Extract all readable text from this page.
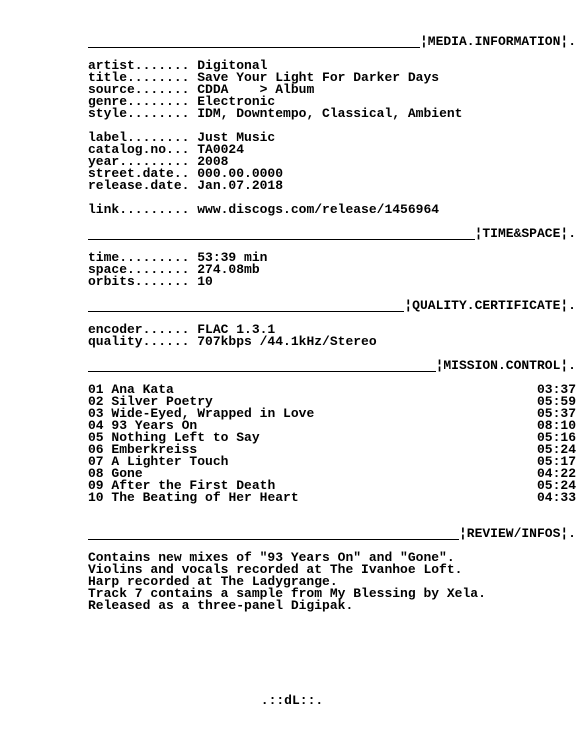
¦MEDIA.INFORMATION¦.
artist....... Digitonal
title........ Save Your Light For Darker Days
source....... CDDA    > Album
genre........ Electronic
style........ IDM, Downtempo, Classical, Ambient
label........ Just Music
catalog.no... TA0024
year......... 2008
street.date.. 000.00.0000
release.date. Jan.07.2018
link......... www.discogs.com/release/1456964
¦TIME&SPACE¦.
time......... 53:39 min
space........ 274.08mb
orbits....... 10
¦QUALITY.CERTIFICATE¦.
encoder...... FLAC 1.3.1
quality...... 707kbps /44.1kHz/Stereo
¦MISSION.CONTROL¦.
01 Ana Kata	03:37
02 Silver Poetry	05:59
03 Wide-Eyed, Wrapped in Love	05:37
04 93 Years On	08:10
05 Nothing Left to Say	05:16
06 Emberkreiss	05:24
07 A Lighter Touch	05:17
08 Gone	04:22
09 After the First Death	05:24
10 The Beating of Her Heart	04:33
¦REVIEW/INFOS¦.
Contains new mixes of "93 Years On" and "Gone".
Violins and vocals recorded at The Ivanhoe Loft.
Harp recorded at The Ladygrange.
Track 7 contains a sample from My Blessing by Xela.
Released as a three-panel Digipak.
.::dL::.
